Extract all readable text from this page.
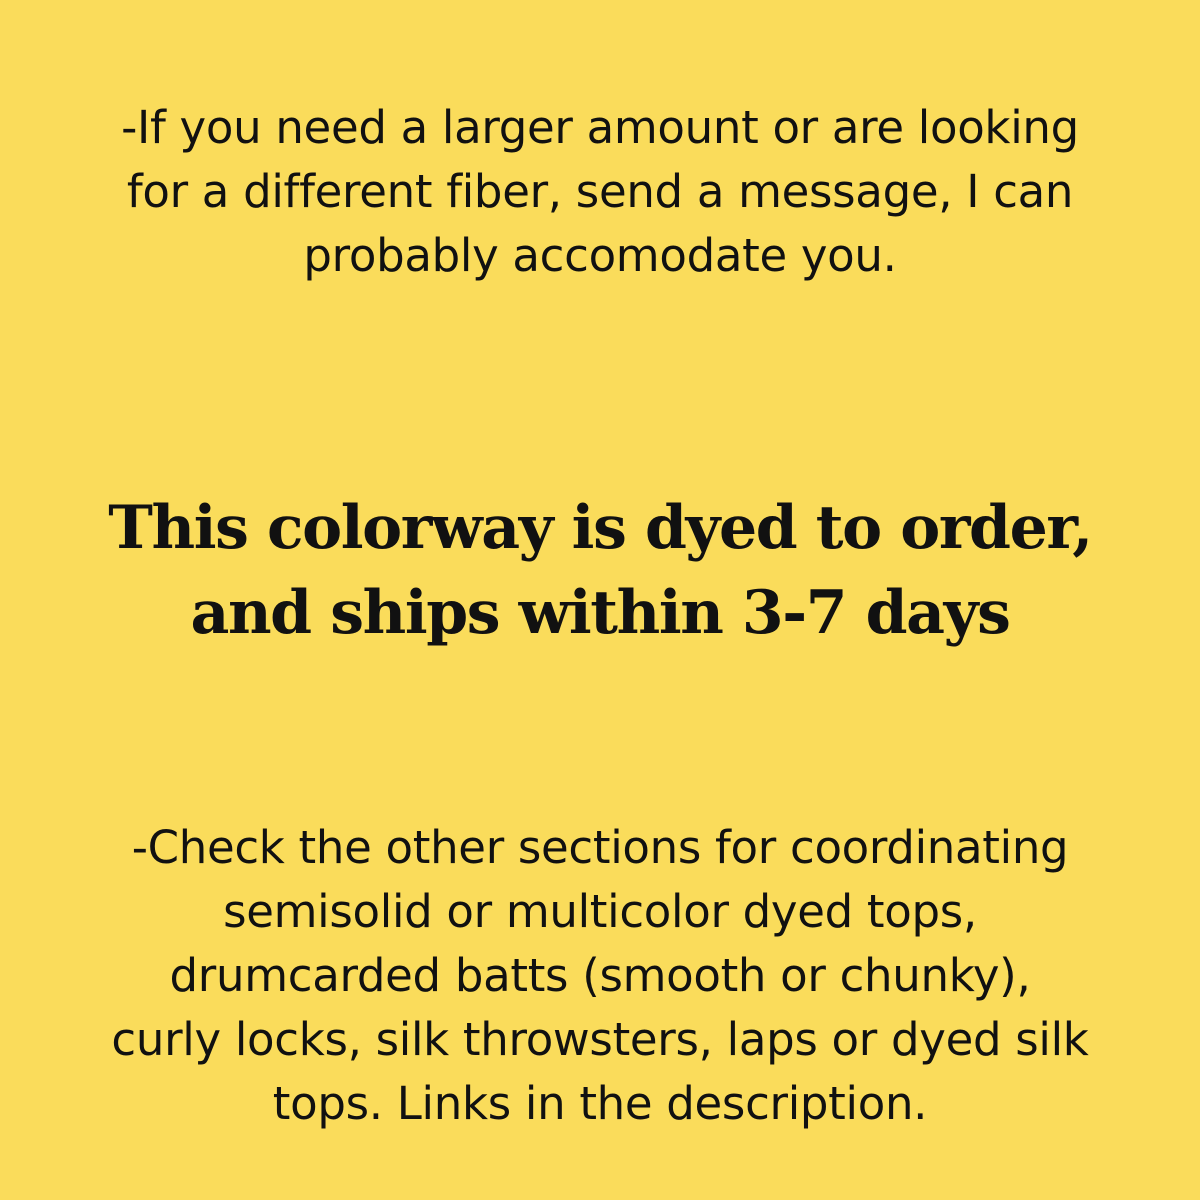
-If you need a larger amount or are looking for a different fiber, send a message, I can probably accomodate you.
This colorway is dyed to order, and ships within 3-7 days
-Check the other sections for coordinating semisolid or multicolor dyed tops, drumcarded batts (smooth or chunky), curly locks, silk throwsters, laps or dyed silk tops. Links in the description.
